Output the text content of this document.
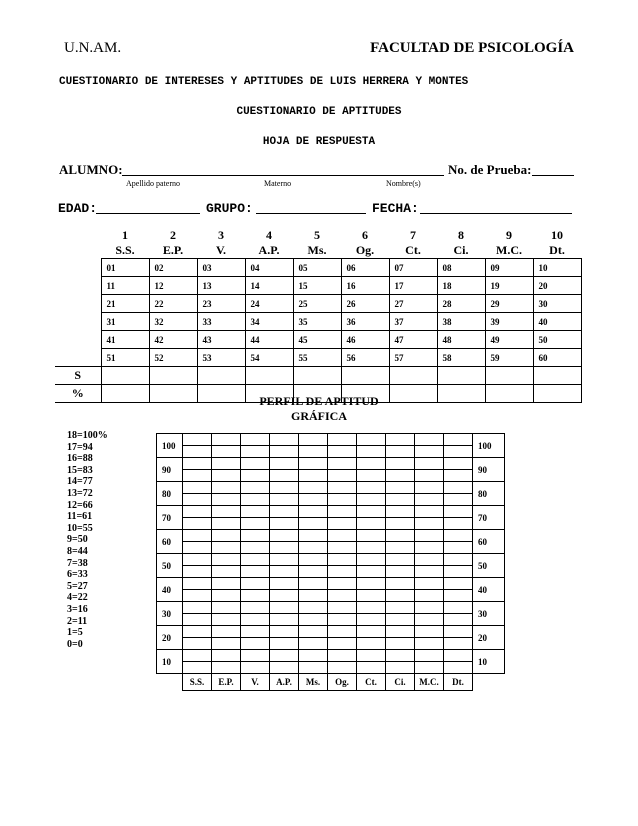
U.N.AM.	FACULTAD DE PSICOLOGÍA
CUESTIONARIO DE INTERESES Y APTITUDES DE LUIS HERRERA Y MONTES
CUESTIONARIO DE APTITUDES
HOJA DE RESPUESTA
ALUMNO:	No. de Prueba:
Apellido paterno	Materno	Nombre(s)
EDAD:	GRUPO:	FECHA:
	1	2	3	4	5	6	7	8	9	10
	S.S.	E.P.	V.	A.P.	Ms.	Og.	Ct.	Ci.	M.C.	Dt.
	01	02	03	04	05	06	07	08	09	10
	11	12	13	14	15	16	17	18	19	20
	21	22	23	24	25	26	27	28	29	30
	31	32	33	34	35	36	37	38	39	40
	41	42	43	44	45	46	47	48	49	50
	51	52	53	54	55	56	57	58	59	60
S										
%										
PERFIL DE APTITUD
GRÁFICA
18=100%
17=94
16=88
15=83
14=77
13=72
12=66
11=61
10=55
9=50
8=44
7=38
6=33
5=27
4=22
3=16
2=11
1=5
0=0
100											100

90											90

80											80

70											70

60											60

50											50

40											40

30											30

20											20

10											10

	S.S.	E.P.	V.	A.P.	Ms.	Og.	Ct.	Ci.	M.C.	Dt.	
